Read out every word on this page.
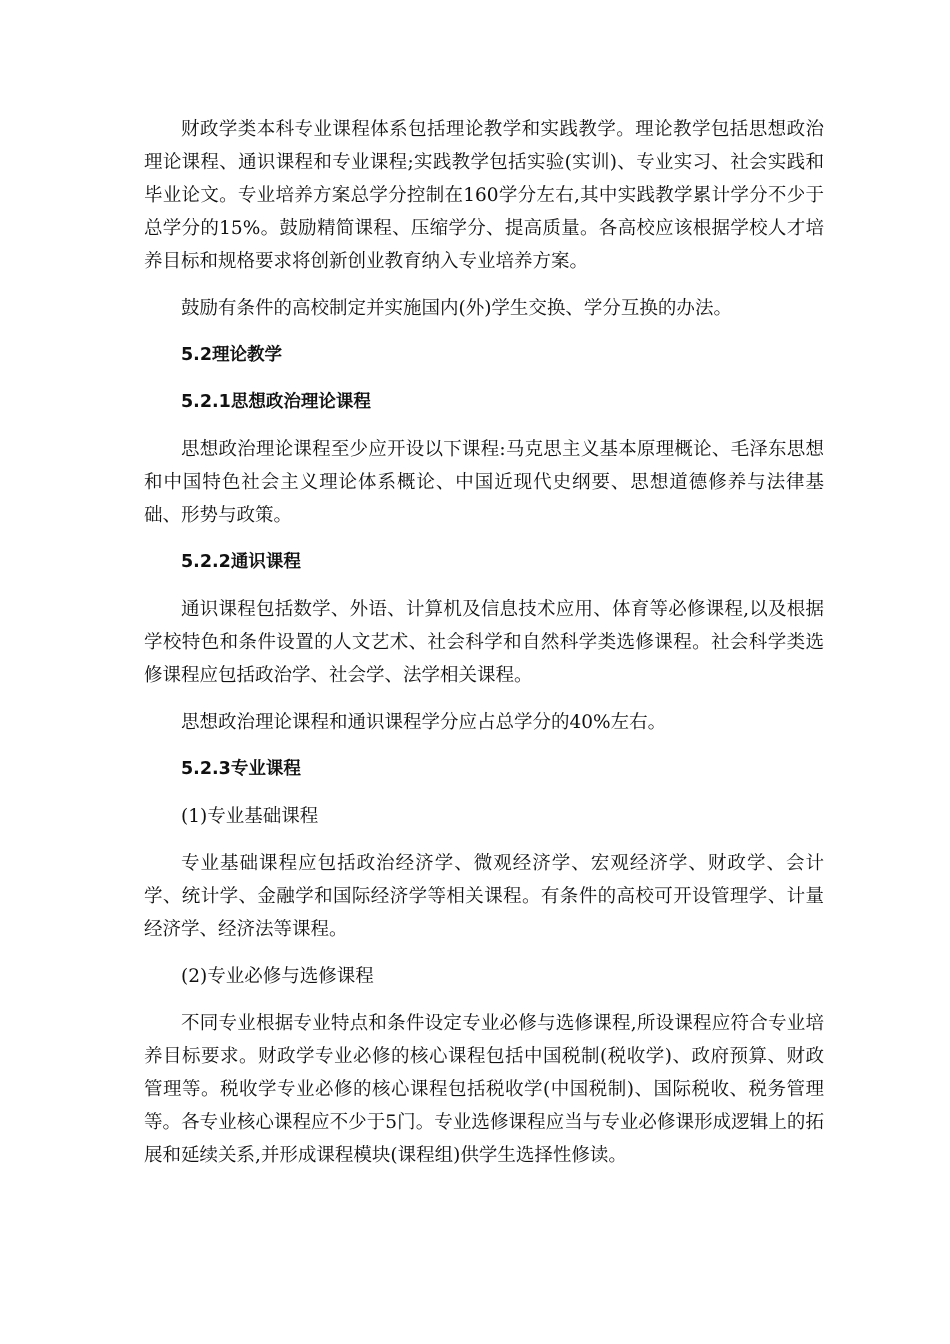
财政学类本科专业课程体系包括理论教学和实践教学。理论教学包括思想政治理论课程、通识课程和专业课程;实践教学包括实验(实训)、专业实习、社会实践和毕业论文。专业培养方案总学分控制在160学分左右,其中实践教学累计学分不少于总学分的15%。鼓励精简课程、压缩学分、提高质量。各高校应该根据学校人才培养目标和规格要求将创新创业教育纳入专业培养方案。

鼓励有条件的高校制定并实施国内(外)学生交换、学分互换的办法。

5.2理论教学

5.2.1思想政治理论课程

思想政治理论课程至少应开设以下课程:马克思主义基本原理概论、毛泽东思想和中国特色社会主义理论体系概论、中国近现代史纲要、思想道德修养与法律基础、形势与政策。

5.2.2通识课程

通识课程包括数学、外语、计算机及信息技术应用、体育等必修课程,以及根据学校特色和条件设置的人文艺术、社会科学和自然科学类选修课程。社会科学类选修课程应包括政治学、社会学、法学相关课程。

思想政治理论课程和通识课程学分应占总学分的40%左右。

5.2.3专业课程

(1)专业基础课程

专业基础课程应包括政治经济学、微观经济学、宏观经济学、财政学、会计学、统计学、金融学和国际经济学等相关课程。有条件的高校可开设管理学、计量经济学、经济法等课程。

(2)专业必修与选修课程

不同专业根据专业特点和条件设定专业必修与选修课程,所设课程应符合专业培养目标要求。财政学专业必修的核心课程包括中国税制(税收学)、政府预算、财政管理等。税收学专业必修的核心课程包括税收学(中国税制)、国际税收、税务管理等。各专业核心课程应不少于5门。专业选修课程应当与专业必修课形成逻辑上的拓展和延续关系,并形成课程模块(课程组)供学生选择性修读。
